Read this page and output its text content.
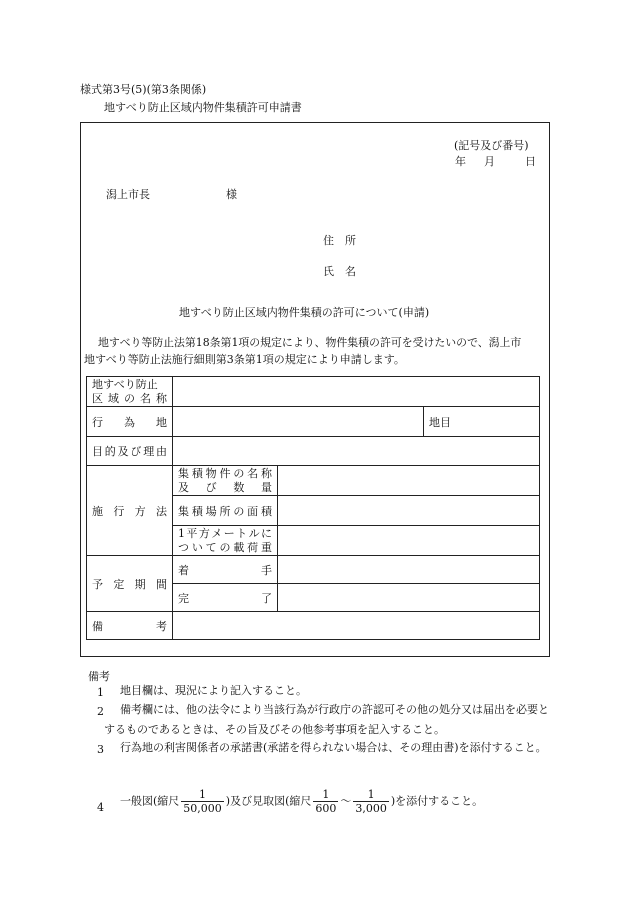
様式第3号(5)(第3条関係)
地すべり防止区域内物件集積許可申請書
(記号及び番号)
年 月	日
潟上市長	様
住　所
氏　名
地すべり防止区域内物件集積の許可について(申請)
地すべり等防止法第18条第1項の規定により、物件集積の許可を受けたいので、潟上市
地すべり等防止法施行細則第3条第1項の規定により申請します。
地すべり防止
区域の名称			

行為地			地目
目的及び理由			
施行方法	集積物件の名称
及び数量		

	集積場所の面積		

	1平方メートルに
ついての載荷重		

予定期間	着手		
	完了		
備考			
備考
1	地目欄は、現況により記入すること。
2	備考欄には、他の法令により当該行為が行政庁の許認可その他の処分又は届出を必要とするものであるときは、その旨及びその他参考事項を記入すること。
3	行為地の利害関係者の承諾書(承諾を得られない場合は、その理由書)を添付すること。
4 一般図(縮尺 $\frac{1}{50,000}$ )及び見取図(縮尺 $\frac{1}{600}$ 〜 $\frac{1}{3,000}$ )を添付すること。
